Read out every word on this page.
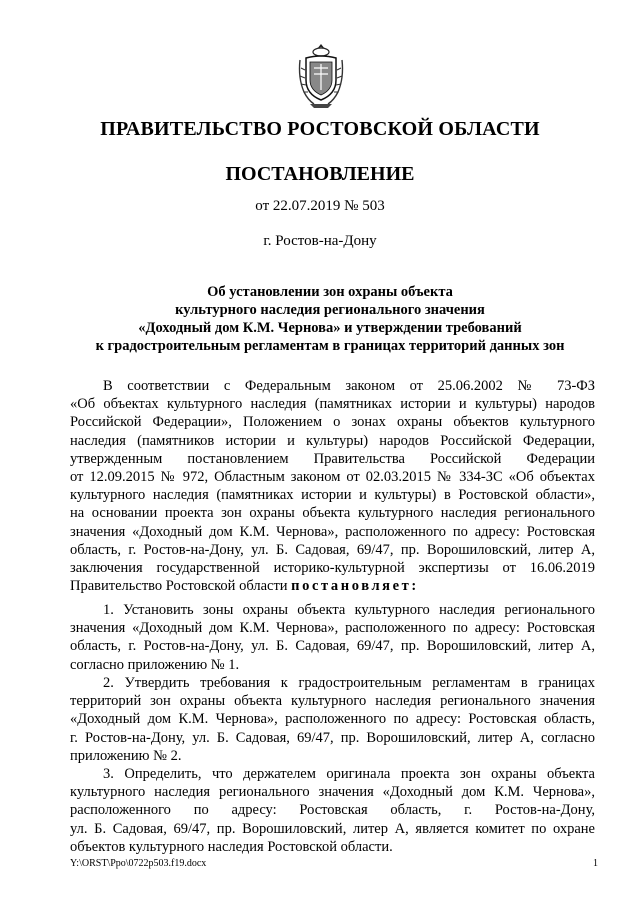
ПРАВИТЕЛЬСТВО РОСТОВСКОЙ ОБЛАСТИ
ПОСТАНОВЛЕНИЕ
от 22.07.2019 № 503
г. Ростов-на-Дону
Об установлении зон охраны объекта
культурного наследия регионального значения
«Доходный дом К.М. Чернова» и утверждении требований
к градостроительным регламентам в границах территорий данных зон
В соответствии с Федеральным законом от 25.06.2002 № 73-ФЗ
«Об объектах культурного наследия (памятниках истории и культуры) народов
Российской Федерации», Положением о зонах охраны объектов культурного
наследия (памятников истории и культуры) народов Российской Федерации,
утвержденным постановлением Правительства Российской Федерации
от 12.09.2015 № 972, Областным законом от 02.03.2015 № 334-ЗС «Об объектах
культурного наследия (памятниках истории и культуры) в Ростовской области»,
на основании проекта зон охраны объекта культурного наследия регионального
значения «Доходный дом К.М. Чернова», расположенного по адресу: Ростовская
область, г. Ростов-на-Дону, ул. Б. Садовая, 69/47, пр. Ворошиловский, литер А,
заключения государственной историко-культурной экспертизы от 16.06.2019
Правительство Ростовской области постановляет:
1. Установить зоны охраны объекта культурного наследия регионального
значения «Доходный дом К.М. Чернова», расположенного по адресу: Ростовская
область, г. Ростов-на-Дону, ул. Б. Садовая, 69/47, пр. Ворошиловский, литер А,
согласно приложению № 1.
2. Утвердить требования к градостроительным регламентам в границах
территорий зон охраны объекта культурного наследия регионального значения
«Доходный дом К.М. Чернова», расположенного по адресу: Ростовская область,
г. Ростов-на-Дону, ул. Б. Садовая, 69/47, пр. Ворошиловский, литер А, согласно
приложению № 2.
3. Определить, что держателем оригинала проекта зон охраны объекта
культурного наследия регионального значения «Доходный дом К.М. Чернова»,
расположенного по адресу: Ростовская область, г. Ростов-на-Дону,
ул. Б. Садовая, 69/47, пр. Ворошиловский, литер А, является комитет по охране
объектов культурного наследия Ростовской области.
Y:\ORST\Ppo\0722p503.f19.docx	1
